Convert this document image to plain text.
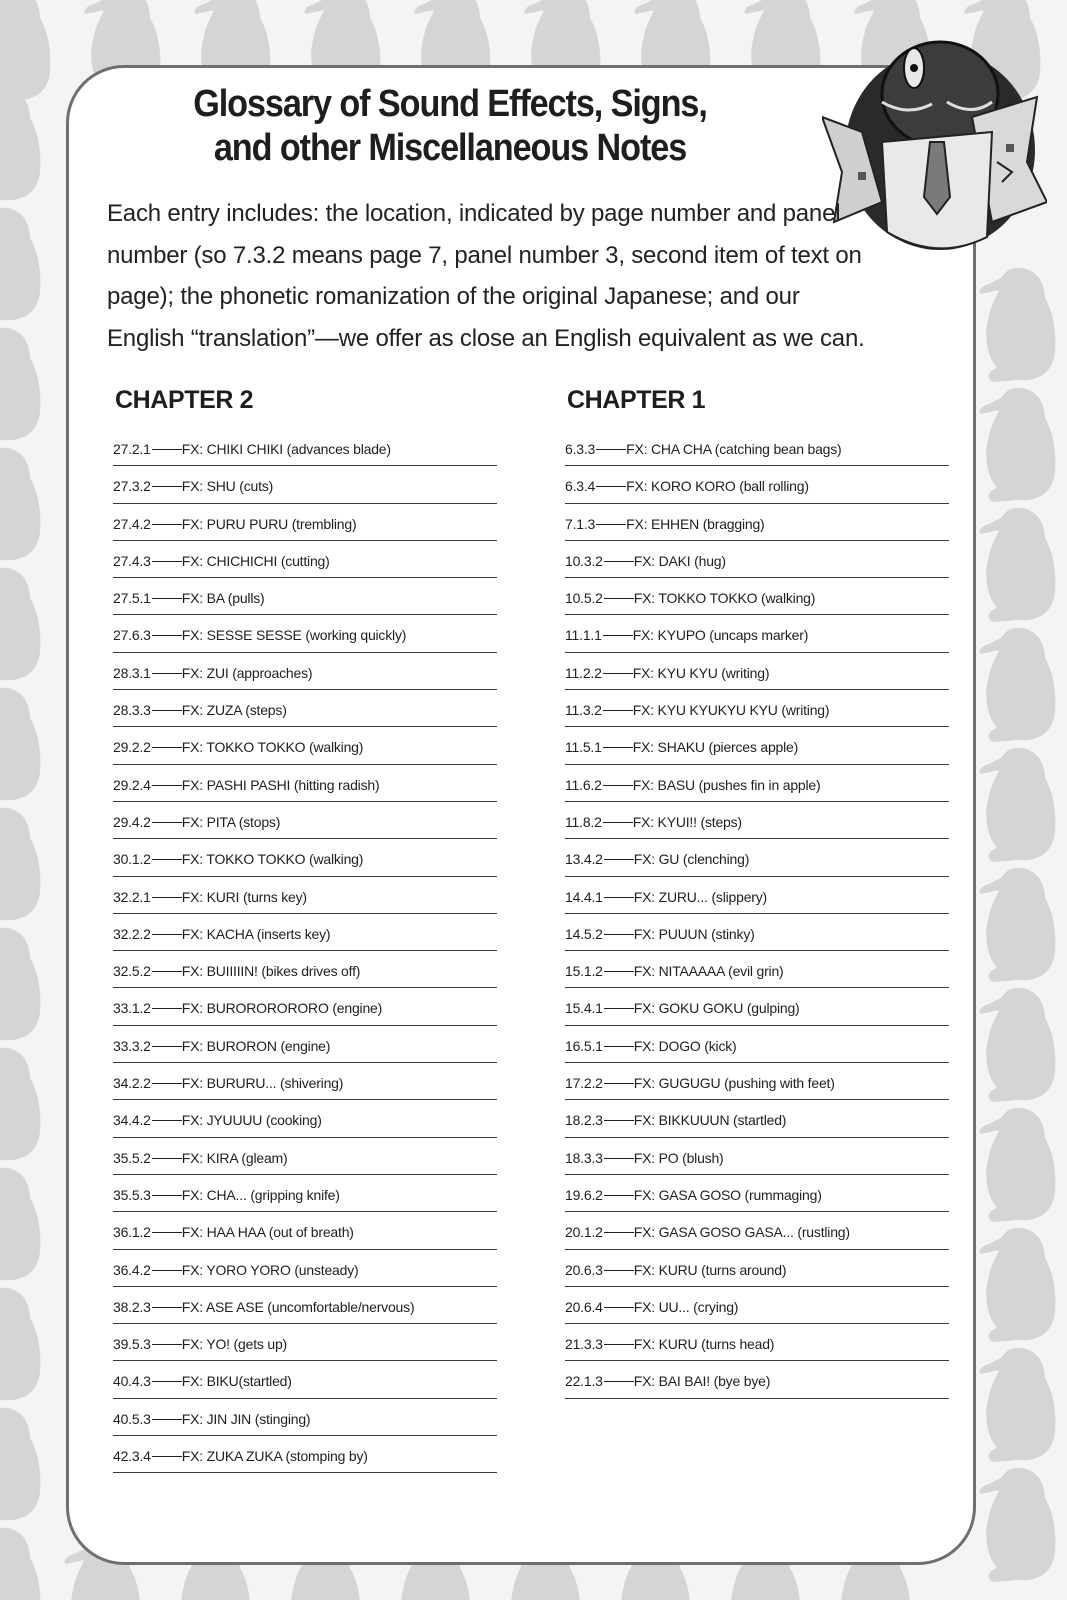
Glossary of Sound Effects, Signs,
and other Miscellaneous Notes

Each entry includes: the location, indicated by page number and panel number (so 7.3.2 means page 7, panel number 3, second item of text on page); the phonetic romanization of the original Japanese; and our English “translation”—we offer as close an English equivalent as we can.

CHAPTER 2
27.2.1 FX: CHIKI CHIKI (advances blade)
27.3.2 FX: SHU (cuts)
27.4.2 FX: PURU PURU (trembling)
27.4.3 FX: CHICHICHI (cutting)
27.5.1 FX: BA (pulls)
27.6.3 FX: SESSE SESSE (working quickly)
28.3.1 FX: ZUI (approaches)
28.3.3 FX: ZUZA (steps)
29.2.2 FX: TOKKO TOKKO (walking)
29.2.4 FX: PASHI PASHI (hitting radish)
29.4.2 FX: PITA (stops)
30.1.2 FX: TOKKO TOKKO (walking)
32.2.1 FX: KURI (turns key)
32.2.2 FX: KACHA (inserts key)
32.5.2 FX: BUIIIIIN! (bikes drives off)
33.1.2 FX: BURORORORORO (engine)
33.3.2 FX: BURORON (engine)
34.2.2 FX: BURURU... (shivering)
34.4.2 FX: JYUUUU (cooking)
35.5.2 FX: KIRA (gleam)
35.5.3 FX: CHA... (gripping knife)
36.1.2 FX: HAA HAA (out of breath)
36.4.2 FX: YORO YORO (unsteady)
38.2.3 FX: ASE ASE (uncomfortable/nervous)
39.5.3 FX: YO! (gets up)
40.4.3 FX: BIKU(startled)
40.5.3 FX: JIN JIN (stinging)
42.3.4 FX: ZUKA ZUKA (stomping by)
CHAPTER 1
6.3.3 FX: CHA CHA (catching bean bags)
6.3.4 FX: KORO KORO (ball rolling)
7.1.3 FX: EHHEN (bragging)
10.3.2 FX: DAKI (hug)
10.5.2 FX: TOKKO TOKKO (walking)
11.1.1 FX: KYUPO (uncaps marker)
11.2.2 FX: KYU KYU (writing)
11.3.2 FX: KYU KYUKYU KYU (writing)
11.5.1 FX: SHAKU (pierces apple)
11.6.2 FX: BASU (pushes fin in apple)
11.8.2 FX: KYUI!! (steps)
13.4.2 FX: GU (clenching)
14.4.1 FX: ZURU... (slippery)
14.5.2 FX: PUUUN (stinky)
15.1.2 FX: NITAAAAA (evil grin)
15.4.1 FX: GOKU GOKU (gulping)
16.5.1 FX: DOGO (kick)
17.2.2 FX: GUGUGU (pushing with feet)
18.2.3 FX: BIKKUUUN (startled)
18.3.3 FX: PO (blush)
19.6.2 FX: GASA GOSO (rummaging)
20.1.2 FX: GASA GOSO GASA... (rustling)
20.6.3 FX: KURU (turns around)
20.6.4 FX: UU... (crying)
21.3.3 FX: KURU (turns head)
22.1.3 FX: BAI BAI! (bye bye)
